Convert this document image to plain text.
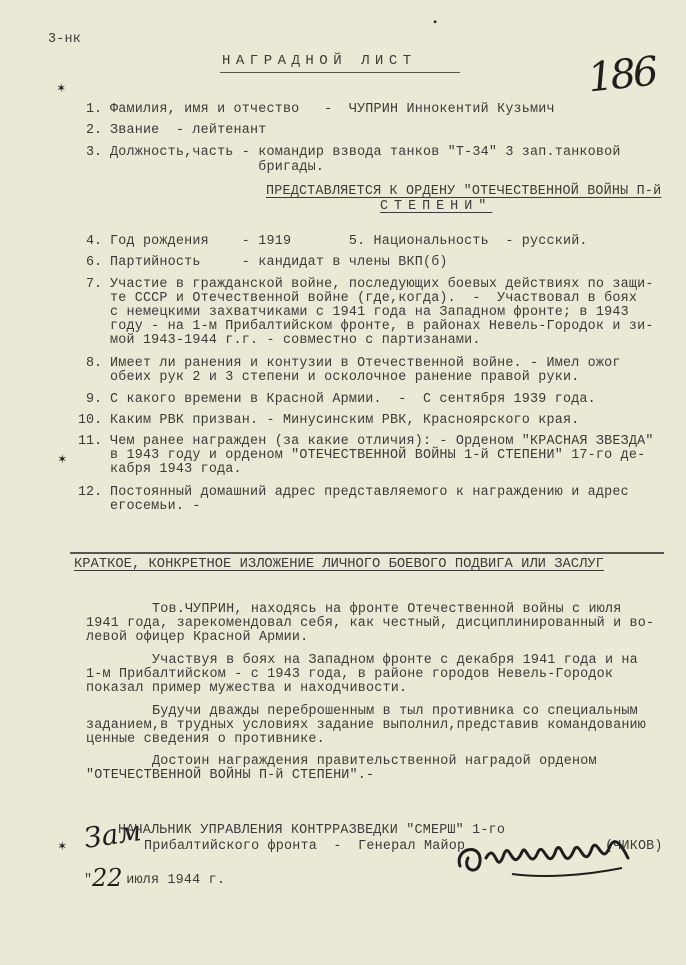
✶
✶
✶
▪
3-нк
НАГРАДНОЙ ЛИСТ	186
1. Фамилия, имя и отчество   -  ЧУПРИН Иннокентий Кузьмич
2. Звание  - лейтенант
3. Должность,часть - командир взвода танков "Т-34" 3 зап.танковой
бригады.
ПРЕДСТАВЛЯЕТСЯ К ОРДЕНУ "ОТЕЧЕСТВЕННОЙ ВОЙНЫ П-й
СТЕПЕНИ"
4. Год рождения    - 1919       5. Национальность  - русский.
6. Партийность     - кандидат в члены ВКП(б)
7. Участие в гражданской войне, последующих боевых действиях по защи-
те СССР и Отечественной войне (где,когда).  -  Участвовал в боях
с немецкими захватчиками с 1941 года на Западном фронте; в 1943
году - на 1-м Прибалтийском фронте, в районах Невель-Городок и зи-
мой 1943-1944 г.г. - совместно с партизанами.
8. Имеет ли ранения и контузии в Отечественной войне. - Имел ожог
обеих рук 2 и 3 степени и осколочное ранение правой руки.
9. С какого времени в Красной Армии.  -  С сентября 1939 года.
10. Каким РВК призван. - Минусинским РВК, Красноярского края.
11. Чем ранее награжден (за какие отличия): - Орденом "КРАСНАЯ ЗВЕЗДА"
в 1943 году и орденом "ОТЕЧЕСТВЕННОЙ ВОЙНЫ 1-й СТЕПЕНИ" 17-го де-
кабря 1943 года.
12. Постоянный домашний адрес представляемого к награждению и адрес
егосемьи. -
КРАТКОЕ, КОНКРЕТНОЕ ИЗЛОЖЕНИЕ ЛИЧНОГО БОЕВОГО ПОДВИГА ИЛИ ЗАСЛУГ
Тов.ЧУПРИН, находясь на фронте Отечественной войны с июля
1941 года, зарекомендовал себя, как честный, дисциплинированный и во-
левой офицер Красной Армии.
Участвуя в боях на Западном фронте с декабря 1941 года и на
1-м Прибалтийском - с 1943 года, в районе городов Невель-Городок
показал пример мужества и находчивости.
Будучи дважды переброшенным в тыл противника со специальным
заданием,в трудных условиях задание выполнил,представив командованию
ценные сведения о противнике.
Достоин награждения правительственной наградой орденом
"ОТЕЧЕСТВЕННОЙ ВОЙНЫ П-й СТЕПЕНИ".-
Зам
НАЧАЛЬНИК УПРАВЛЕНИЯ КОНТРРАЗВЕДКИ "СМЕРШ" 1-го
Прибалтийского фронта  -  Генерал Майор	(ЧИКОВ)
" 22
июля 1944 г.
